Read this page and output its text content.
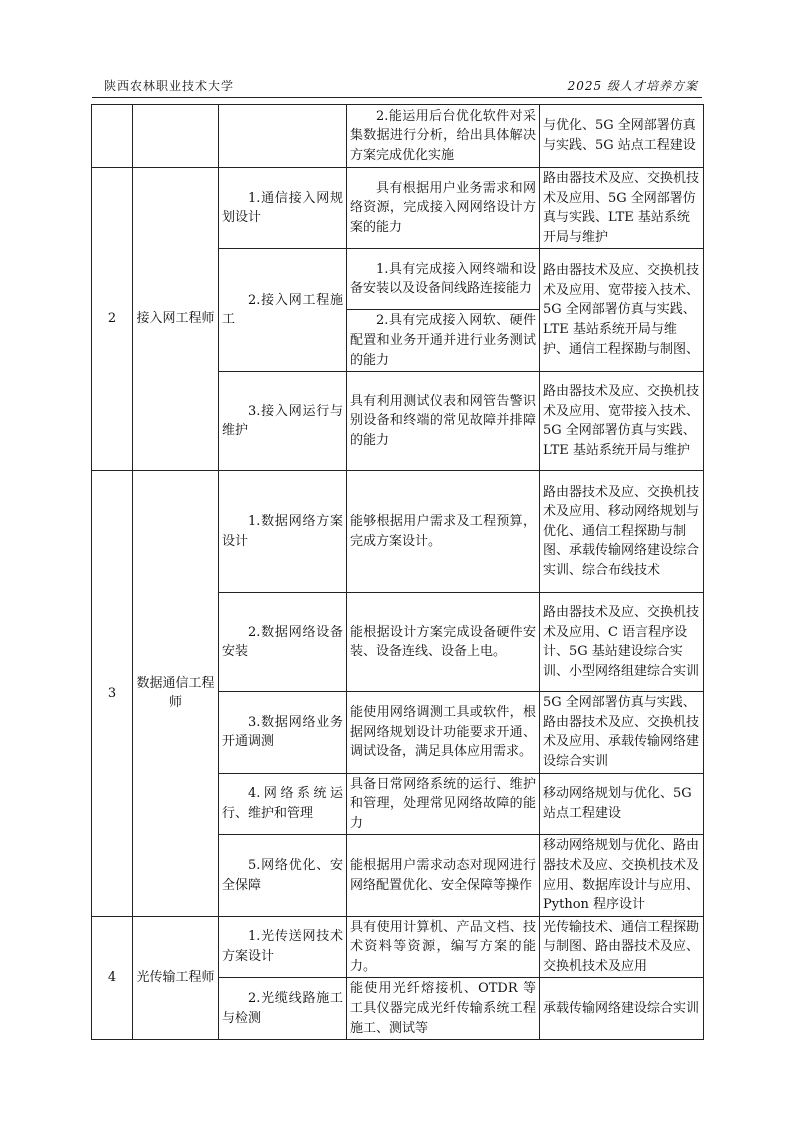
陕西农林职业技术大学	2025 级人才培养方案
			2.能运用后台优化软件对采集数据进行分析，给出具体解决方案完成优化实施	与优化、5G 全网部署仿真与实践、5G 站点工程建设
2	接入网工程师	1.通信接入网规划设计	具有根据用户业务需求和网络资源，完成接入网网络设计方案的能力	路由器技术及应、交换机技术及应用、5G 全网部署仿真与实践、LTE 基站系统开局与维护
		2.接入网工程施工	1.具有完成接入网终端和设备安装以及设备间线路连接能力	路由器技术及应、交换机技术及应用、宽带接入技术、5G 全网部署仿真与实践、LTE 基站系统开局与维护、通信工程探勘与制图、
			2.具有完成接入网软、硬件配置和业务开通并进行业务测试的能力	
		3.接入网运行与维护	具有利用测试仪表和网管告警识别设备和终端的常见故障并排障的能力	路由器技术及应、交换机技术及应用、宽带接入技术、5G 全网部署仿真与实践、LTE 基站系统开局与维护
3	数据通信工程师	1.数据网络方案设计	能够根据用户需求及工程预算，完成方案设计。	路由器技术及应、交换机技术及应用、移动网络规划与优化、通信工程探勘与制图、承载传输网络建设综合实训、综合布线技术
		2.数据网络设备安装	能根据设计方案完成设备硬件安装、设备连线、设备上电。	路由器技术及应、交换机技术及应用、C 语言程序设计、5G 基站建设综合实训、小型网络组建综合实训
		3.数据网络业务开通调测	能使用网络调测工具或软件，根据网络规划设计功能要求开通、调试设备，满足具体应用需求。	5G 全网部署仿真与实践、路由器技术及应、交换机技术及应用、承载传输网络建设综合实训
		4.网络系统运行、维护和管理	具备日常网络系统的运行、维护和管理，处理常见网络故障的能力	移动网络规划与优化、5G 站点工程建设
		5.网络优化、安全保障	能根据用户需求动态对现网进行网络配置优化、安全保障等操作	移动网络规划与优化、路由器技术及应、交换机技术及应用、数据库设计与应用、Python 程序设计
4	光传输工程师	1.光传送网技术方案设计	具有使用计算机、产品文档、技术资料等资源，编写方案的能力。	光传输技术、通信工程探勘与制图、路由器技术及应、交换机技术及应用
		2.光缆线路施工与检测	能使用光纤熔接机、OTDR 等工具仪器完成光纤传输系统工程施工、测试等	承载传输网络建设综合实训
